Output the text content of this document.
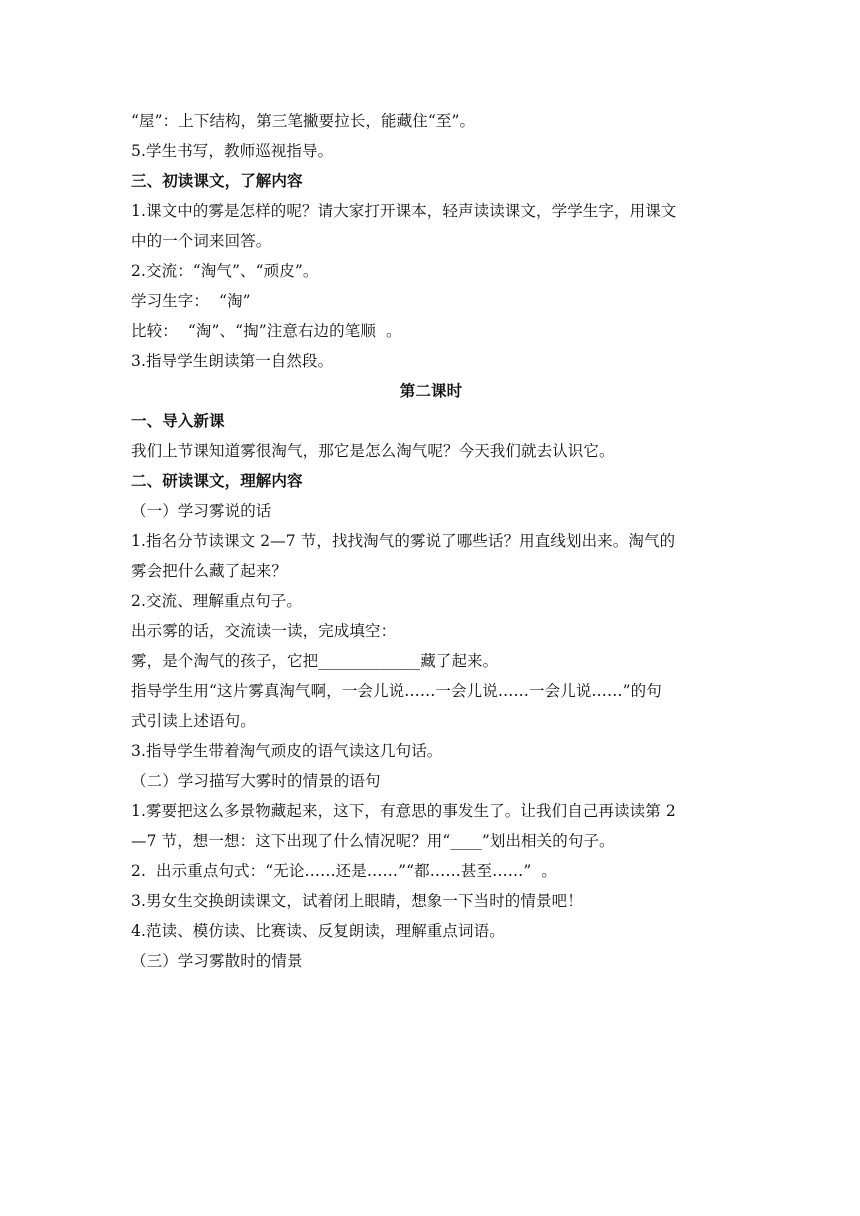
“屋”：上下结构，第三笔撇要拉长，能藏住“至”。
5.学生书写，教师巡视指导。
三、初读课文，了解内容
1.课文中的雾是怎样的呢？请大家打开课本，轻声读读课文，学学生字，用课文
中的一个词来回答。
2.交流：“淘气”、“顽皮”。
学习生字：  “淘”
比较：  “淘”、“掏”注意右边的笔顺  。
3.指导学生朗读第一自然段。
第二课时
一、导入新课
我们上节课知道雾很淘气，那它是怎么淘气呢？今天我们就去认识它。
二、研读课文，理解内容
（一）学习雾说的话
1.指名分节读课文 2—7 节，找找淘气的雾说了哪些话？用直线划出来。淘气的
雾会把什么藏了起来？
2.交流、理解重点句子。
出示雾的话，交流读一读，完成填空：
雾，是个淘气的孩子，它把_____________藏了起来。
指导学生用“这片雾真淘气啊，一会儿说……一会儿说……一会儿说……”的句
式引读上述语句。
3.指导学生带着淘气顽皮的语气读这几句话。
（二）学习描写大雾时的情景的语句
1.雾要把这么多景物藏起来，这下，有意思的事发生了。让我们自己再读读第 2
—7 节，想一想：这下出现了什么情况呢？用“____”划出相关的句子。
2.  出示重点句式：“无论……还是……”“都……甚至……”  。
3.男女生交换朗读课文，试着闭上眼睛，想象一下当时的情景吧！
4.范读、模仿读、比赛读、反复朗读，理解重点词语。
（三）学习雾散时的情景
